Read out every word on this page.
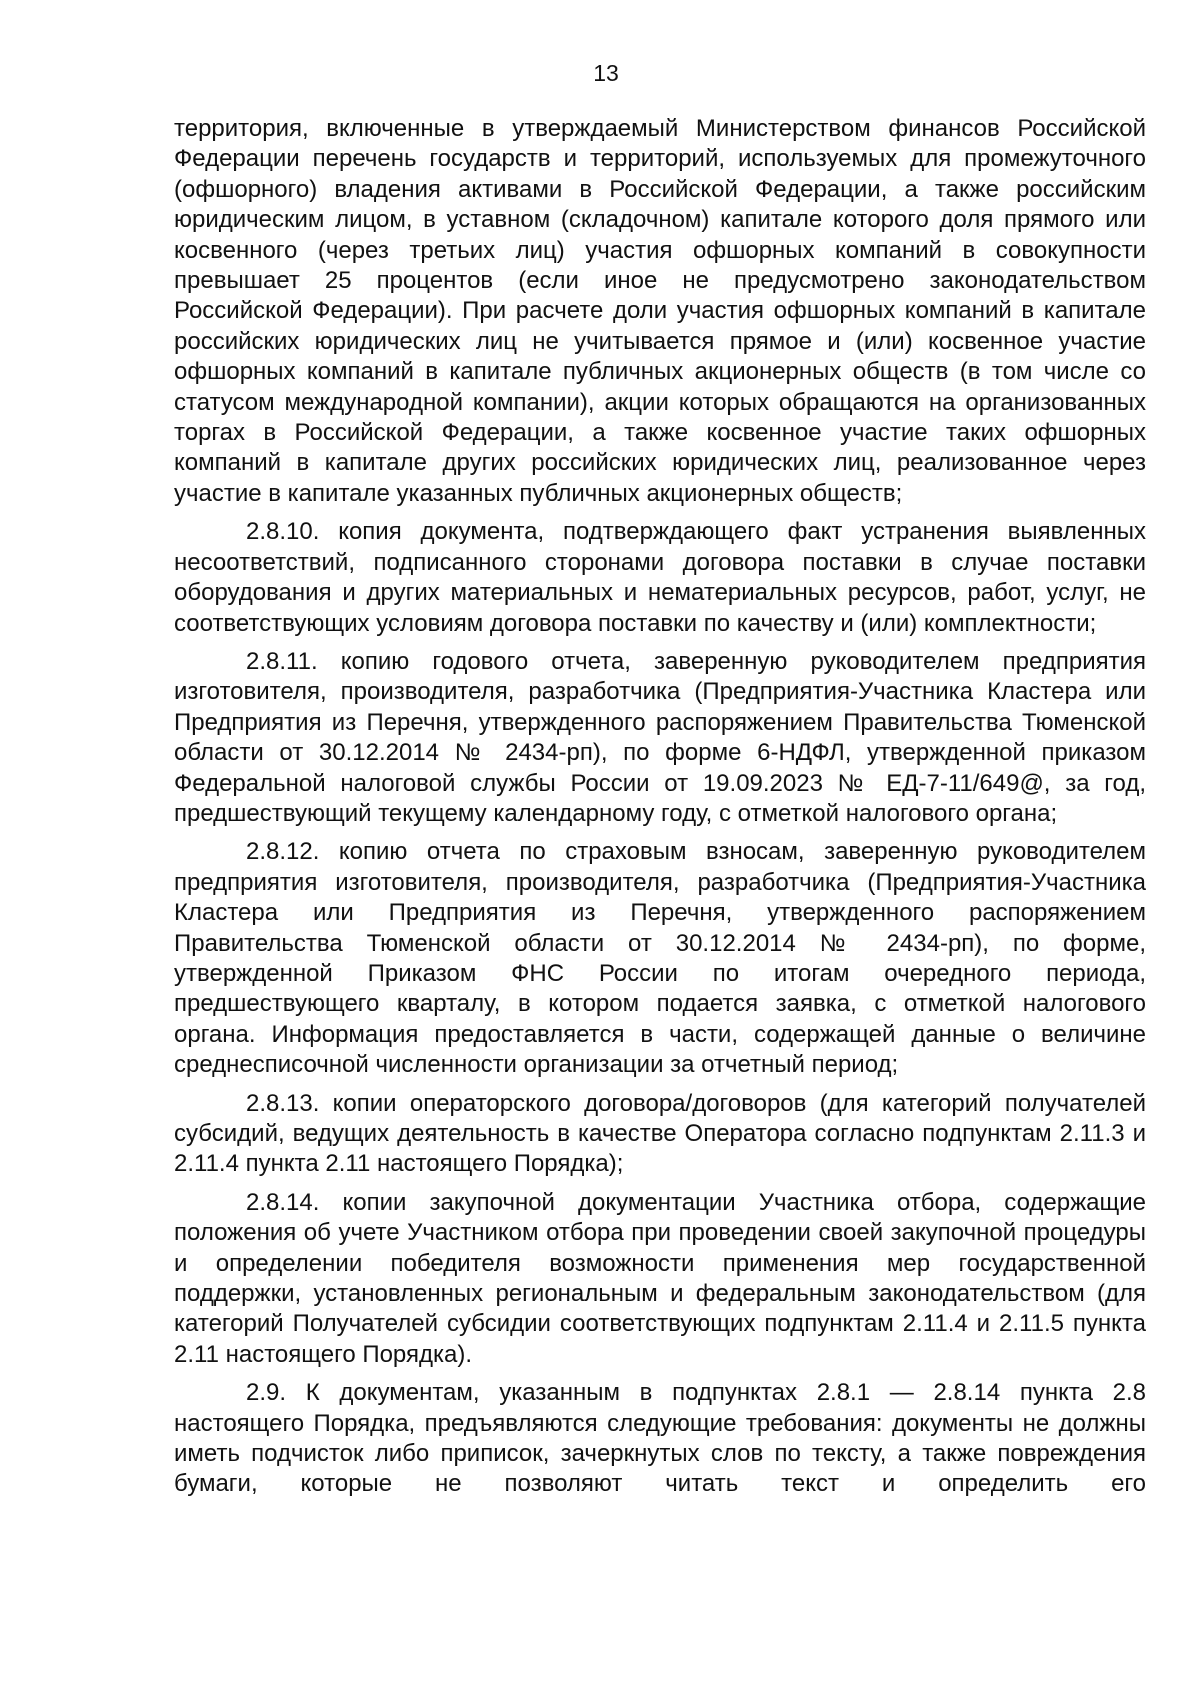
13

территория, включенные в утверждаемый Министерством финансов Российской Федерации перечень государств и территорий, используемых для промежуточного (офшорного) владения активами в Российской Федерации, а также российским юридическим лицом, в уставном (складочном) капитале которого доля прямого или косвенного (через третьих лиц) участия офшорных компаний в совокупности превышает 25 процентов (если иное не предусмотрено законодательством Российской Федерации). При расчете доли участия офшорных компаний в капитале российских юридических лиц не учитывается прямое и (или) косвенное участие офшорных компаний в капитале публичных акционерных обществ (в том числе со статусом международной компании), акции которых обращаются на организованных торгах в Российской Федерации, а также косвенное участие таких офшорных компаний в капитале других российских юридических лиц, реализованное через участие в капитале указанных публичных акционерных обществ;

2.8.10. копия документа, подтверждающего факт устранения выявленных несоответствий, подписанного сторонами договора поставки в случае поставки оборудования и других материальных и нематериальных ресурсов, работ, услуг, не соответствующих условиям договора поставки по качеству и (или) комплектности;

2.8.11. копию годового отчета, заверенную руководителем предприятия изготовителя, производителя, разработчика (Предприятия-Участника Кластера или Предприятия из Перечня, утвержденного распоряжением Правительства Тюменской области от 30.12.2014 № 2434-рп), по форме 6-НДФЛ, утвержденной приказом Федеральной налоговой службы России от 19.09.2023 № ЕД-7-11/649@, за год, предшествующий текущему календарному году, с отметкой налогового органа;

2.8.12. копию отчета по страховым взносам, заверенную руководителем предприятия изготовителя, производителя, разработчика (Предприятия-Участника Кластера или Предприятия из Перечня, утвержденного распоряжением Правительства Тюменской области от 30.12.2014 № 2434-рп), по форме, утвержденной Приказом ФНС России по итогам очередного периода, предшествующего кварталу, в котором подается заявка, с отметкой налогового органа. Информация предоставляется в части, содержащей данные о величине среднесписочной численности организации за отчетный период;

2.8.13. копии операторского договора/договоров (для категорий получателей субсидий, ведущих деятельность в качестве Оператора согласно подпунктам 2.11.3 и 2.11.4 пункта 2.11 настоящего Порядка);

2.8.14. копии закупочной документации Участника отбора, содержащие положения об учете Участником отбора при проведении своей закупочной процедуры и определении победителя возможности применения мер государственной поддержки, установленных региональным и федеральным законодательством (для категорий Получателей субсидии соответствующих подпунктам 2.11.4 и 2.11.5 пункта 2.11 настоящего Порядка).

2.9. К документам, указанным в подпунктах 2.8.1 — 2.8.14 пункта 2.8 настоящего Порядка, предъявляются следующие требования: документы не должны иметь подчисток либо приписок, зачеркнутых слов по тексту, а также повреждения бумаги, которые не позволяют читать текст и определить его
